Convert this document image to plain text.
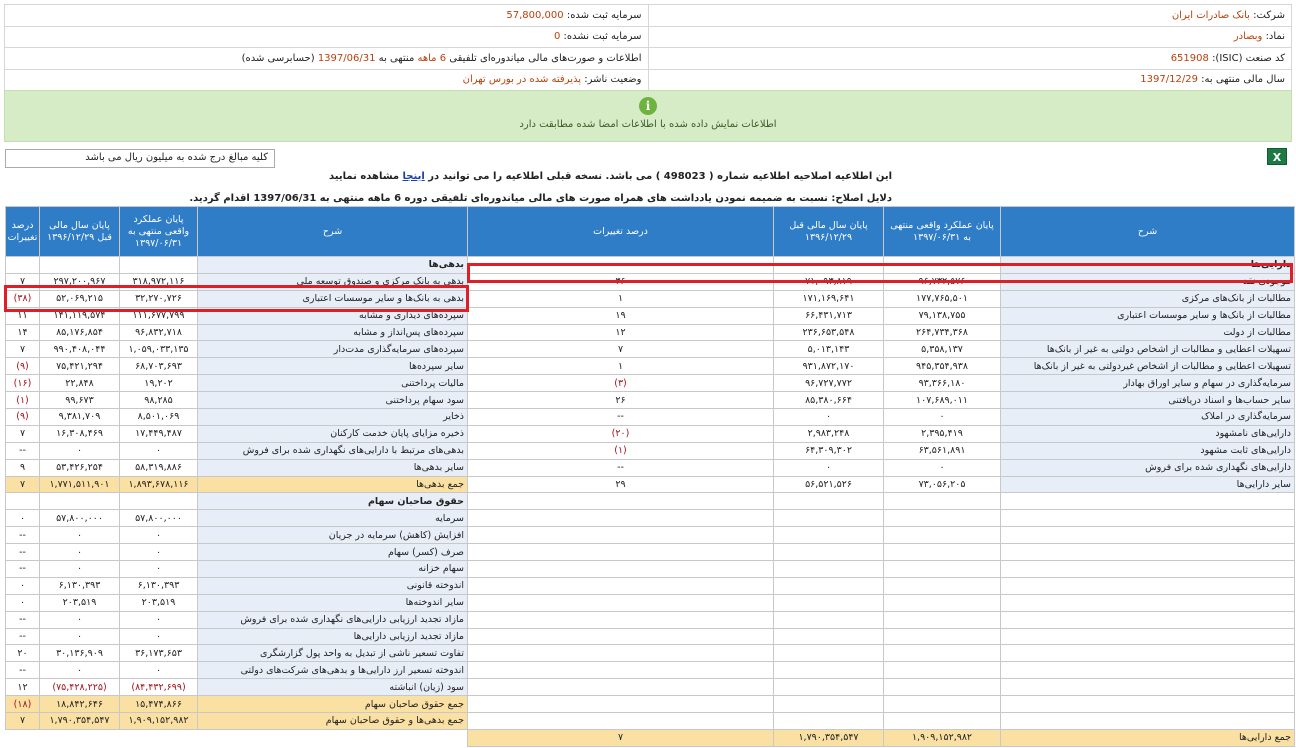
شرکت: بانک صادرات ایران	سرمایه ثبت شده: 57,800,000
نماد: وبصادر	سرمایه ثبت نشده: 0
کد صنعت (ISIC): 651908	اطلاعات و صورت‌های مالی میاندوره‌ای تلفیقی 6 ماهه منتهی به 1397/06/31 (حسابرسی شده)
سال مالی منتهی به: 1397/12/29	وضعیت ناشر: پذیرفته شده در بورس تهران
i
اطلاعات نمایش داده شده با اطلاعات امضا شده مطابقت دارد
کلیه مبالغ درج شده به میلیون ریال می باشد	X
این اطلاعیه اصلاحیه اطلاعیه شماره ( 498023 ) می باشد. نسخه قبلی اطلاعیه را می توانید در اینجا مشاهده نمایید
دلایل اصلاح: نسبت به ضمیمه نمودن یادداشت های همراه صورت های مالی میاندوره‌ای تلفیقی دوره 6 ماهه منتهی به 1397/06/31 اقدام گردید.
شرح	پایان عملکرد واقعی منتهی به ۱۳۹۷/۰۶/۳۱	پایان سال مالی قبل ۱۳۹۶/۱۲/۲۹	درصد تغییرات
دارایی‌ها			
موجودی نقد	۹۶,۷۳۲,۵۷۶	۷۱,۰۹۳,۸۱۹	۳۶
مطالبات از بانک‌های مرکزی	۱۷۷,۷۶۵,۵۰۱	۱۷۱,۱۶۹,۶۴۱	۱
مطالبات از بانک‌ها و سایر موسسات اعتباری	۷۹,۱۳۸,۷۵۵	۶۶,۴۳۱,۷۱۳	۱۹
مطالبات از دولت	۲۶۴,۷۳۴,۳۶۸	۲۳۶,۶۵۳,۵۴۸	۱۲
تسهیلات اعطایی و مطالبات از اشخاص دولتی به غیر از بانک‌ها	۵,۳۵۸,۱۳۷	۵,۰۱۳,۱۴۳	۷
تسهیلات اعطایی و مطالبات از اشخاص غیردولتی به غیر از بانک‌ها	۹۴۵,۳۵۴,۹۳۸	۹۳۱,۸۷۲,۱۷۰	۱
سرمایه‌گذاری در سهام و سایر اوراق بهادار	۹۳,۳۶۶,۱۸۰	۹۶,۷۲۷,۷۷۲	(۳)
سایر حساب‌ها و اسناد دریافتنی	۱۰۷,۶۸۹,۰۱۱	۸۵,۳۸۰,۶۶۴	۲۶
سرمایه‌گذاری در املاک	۰	۰	--
دارایی‌های نامشهود	۲,۳۹۵,۴۱۹	۲,۹۸۳,۲۴۸	(۲۰)
دارایی‌های ثابت مشهود	۶۳,۵۶۱,۸۹۱	۶۴,۳۰۹,۳۰۲	(۱)
دارایی‌های نگهداری شده برای فروش	۰	۰	--
سایر دارایی‌ها	۷۳,۰۵۶,۲۰۵	۵۶,۵۲۱,۵۲۶	۲۹

جمع دارایی‌ها	۱,۹۰۹,۱۵۲,۹۸۲	۱,۷۹۰,۳۵۴,۵۴۷	۷
شرح	پایان عملکرد واقعی منتهی به ۱۳۹۷/۰۶/۳۱	پایان سال مالی قبل ۱۳۹۶/۱۲/۲۹	درصد تغییرات
بدهی‌ها			
بدهی به بانک مرکزی و صندوق توسعه ملی	۳۱۸,۹۷۲,۱۱۶	۲۹۷,۲۰۰,۹۶۷	۷
بدهی به بانک‌ها و سایر موسسات اعتباری	۳۲,۲۷۰,۷۲۶	۵۲,۰۶۹,۲۱۵	(۳۸)
سپرده‌های دیداری و مشابه	۱۱۱,۶۷۷,۷۹۹	۱۴۱,۱۱۹,۵۷۴	۱۱
سپرده‌های پس‌انداز و مشابه	۹۶,۸۳۲,۷۱۸	۸۵,۱۷۶,۸۵۴	۱۴
سپرده‌های سرمایه‌گذاری مدت‌دار	۱,۰۵۹,۰۳۳,۱۳۵	۹۹۰,۴۰۸,۰۴۴	۷
سایر سپرده‌ها	۶۸,۷۰۳,۶۹۳	۷۵,۴۲۱,۲۹۴	(۹)
مالیات پرداختنی	۱۹,۲۰۲	۲۲,۸۴۸	(۱۶)
سود سهام پرداختنی	۹۸,۲۸۵	۹۹,۶۷۳	(۱)
ذخایر	۸,۵۰۱,۰۶۹	۹,۳۸۱,۷۰۹	(۹)
ذخیره مزایای پایان خدمت کارکنان	۱۷,۴۴۹,۴۸۷	۱۶,۳۰۸,۴۶۹	۷
بدهی‌های مرتبط با دارایی‌های نگهداری شده برای فروش	۰	۰	--
سایر بدهی‌ها	۵۸,۳۱۹,۸۸۶	۵۳,۴۲۶,۲۵۴	۹
جمع بدهی‌ها	۱,۸۹۳,۶۷۸,۱۱۶	۱,۷۷۱,۵۱۱,۹۰۱	۷
حقوق صاحبان سهام			
سرمایه	۵۷,۸۰۰,۰۰۰	۵۷,۸۰۰,۰۰۰	۰
افزایش (کاهش) سرمایه در جریان	۰	۰	--
صرف (کسر) سهام	۰	۰	--
سهام خزانه	۰	۰	--
اندوخته قانونی	۶,۱۳۰,۳۹۳	۶,۱۳۰,۳۹۳	۰
سایر اندوخته‌ها	۲۰۳,۵۱۹	۲۰۳,۵۱۹	۰
مازاد تجدید ارزیابی دارایی‌های نگهداری شده برای فروش	۰	۰	--
مازاد تجدید ارزیابی دارایی‌ها	۰	۰	--
تفاوت تسعیر ناشی از تبدیل به واحد پول گزارشگری	۳۶,۱۷۳,۶۵۳	۳۰,۱۳۶,۹۰۹	۲۰
اندوخته تسعیر ارز دارایی‌ها و بدهی‌های شرکت‌های دولتی	۰	۰	--
سود (زیان) انباشته	(۸۴,۴۳۲,۶۹۹)	(۷۵,۴۲۸,۲۲۵)	۱۲
جمع حقوق صاحبان سهام	۱۵,۴۷۴,۸۶۶	۱۸,۸۴۲,۶۴۶	(۱۸)
جمع بدهی‌ها و حقوق صاحبان سهام	۱,۹۰۹,۱۵۲,۹۸۲	۱,۷۹۰,۳۵۴,۵۴۷	۷
